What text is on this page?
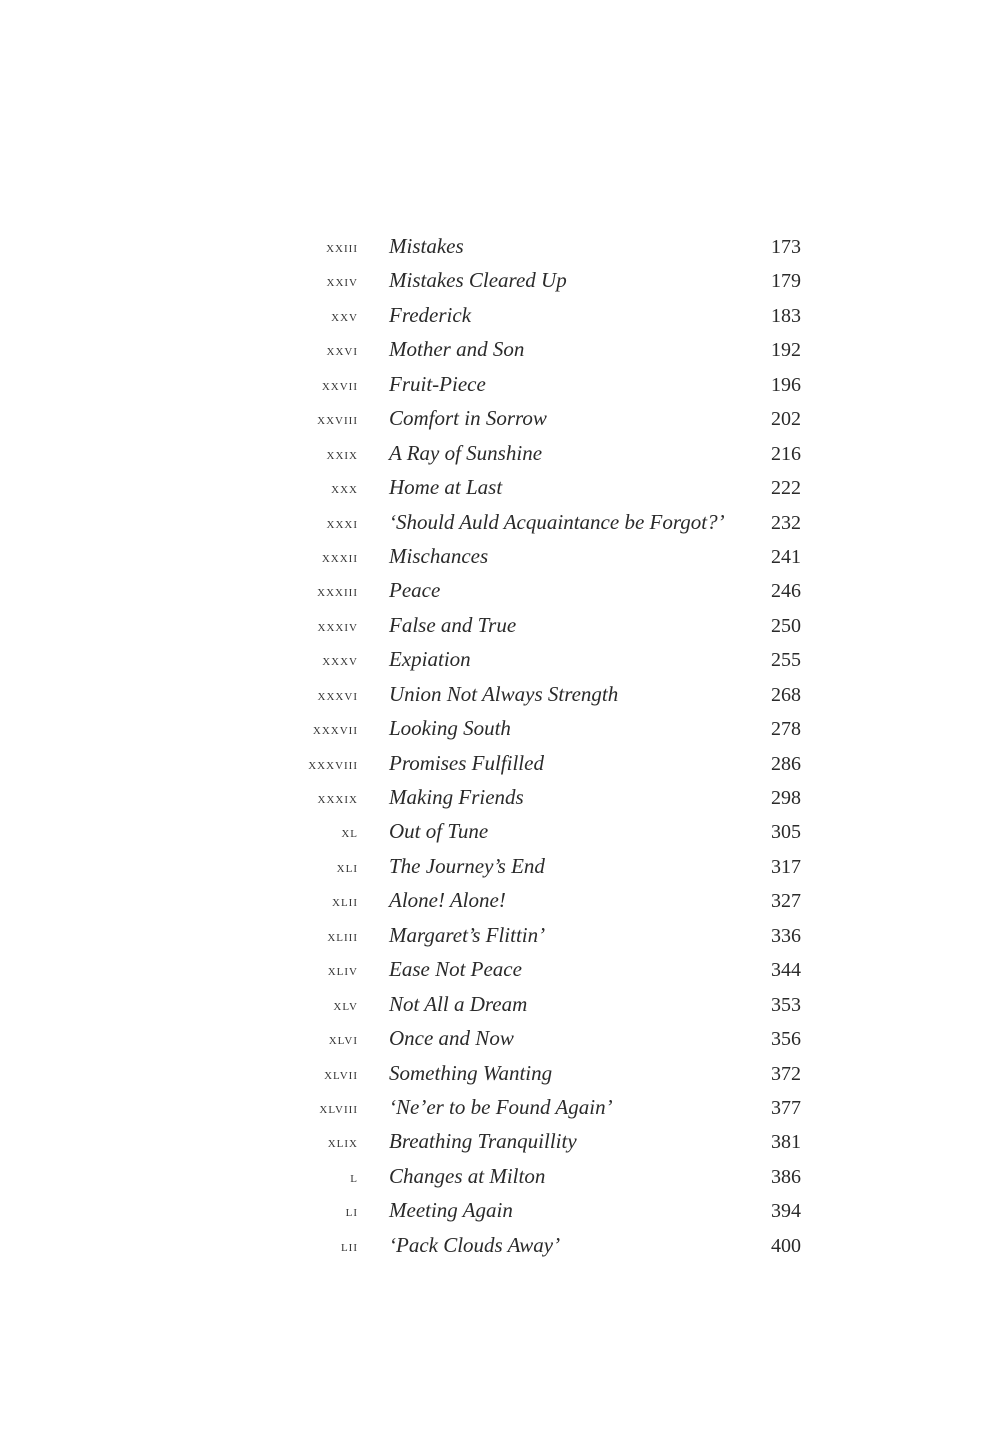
xxiii Mistakes	173
xxiv Mistakes Cleared Up	179
xxv Frederick	183
xxvi Mother and Son	192
xxvii Fruit-Piece	196
xxviii Comfort in Sorrow	202
xxix A Ray of Sunshine	216
xxx Home at Last	222
xxxi ‘Should Auld Acquaintance be Forgot?’ 232
xxxii Mischances	241
xxxiii Peace	246
xxxiv False and True	250
xxxv Expiation	255
xxxvi Union Not Always Strength	268
xxxvii Looking South	278
xxxviii Promises Fulfilled	286
xxxix Making Friends	298
xl Out of Tune	305
xli The Journey’s End	317
xlii Alone! Alone!	327
xliii Margaret’s Flittin’	336
xliv Ease Not Peace	344
xlv Not All a Dream	353
xlvi Once and Now	356
xlvii Something Wanting	372
xlviii ‘Ne’er to be Found Again’	377
xlix Breathing Tranquillity	381
l Changes at Milton	386
li Meeting Again	394
lii ‘Pack Clouds Away’	400
